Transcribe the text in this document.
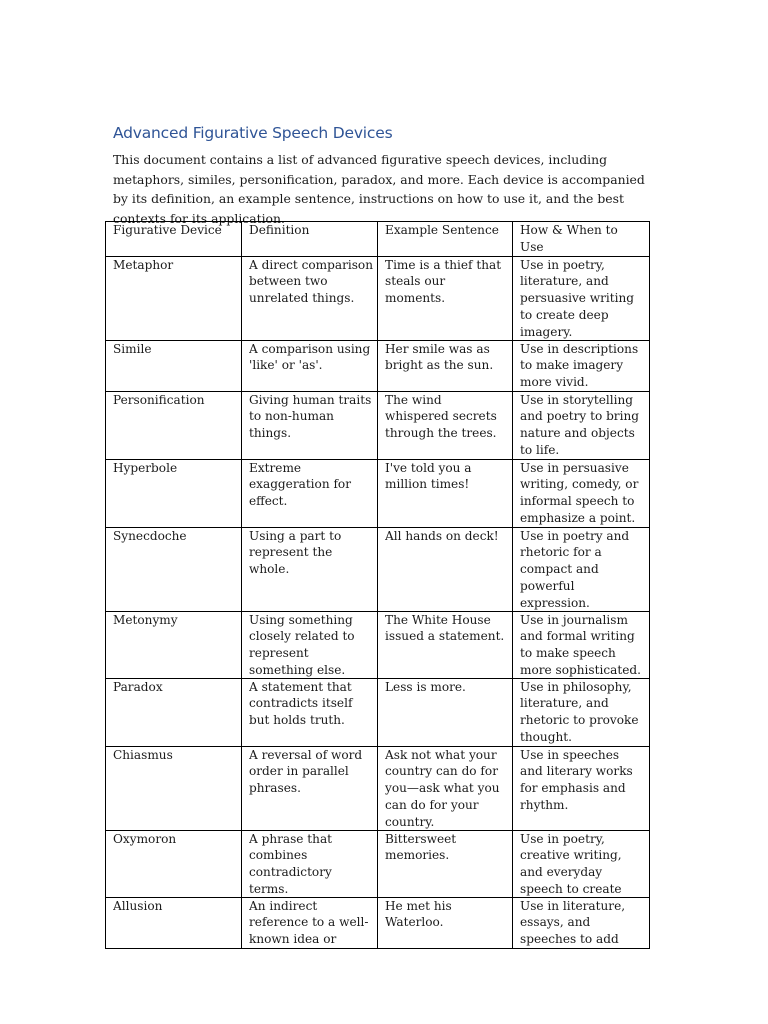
Advanced Figurative Speech Devices

This document contains a list of advanced figurative speech devices, including metaphors, similes, personification, paradox, and more. Each device is accompanied by its definition, an example sentence, instructions on how to use it, and the best contexts for its application.

Figurative Device	Definition	Example Sentence	How & When to Use

Metaphor	A direct comparison between two unrelated things.	Time is a thief that steals our moments.	Use in poetry, literature, and persuasive writing to create deep imagery.

Simile	A comparison using 'like' or 'as'.	Her smile was as bright as the sun.	Use in descriptions to make imagery more vivid.

Personification	Giving human traits to non-human things.	The wind whispered secrets through the trees.	Use in storytelling and poetry to bring nature and objects to life.

Hyperbole	Extreme exaggeration for effect.	I've told you a million times!	Use in persuasive writing, comedy, or informal speech to emphasize a point.

Synecdoche	Using a part to represent the whole.	All hands on deck!	Use in poetry and rhetoric for a compact and powerful expression.

Metonymy	Using something closely related to represent something else.	The White House issued a statement.	Use in journalism and formal writing to make speech more sophisticated.

Paradox	A statement that contradicts itself but holds truth.	Less is more.	Use in philosophy, literature, and rhetoric to provoke thought.

Chiasmus	A reversal of word order in parallel phrases.	Ask not what your country can do for you—ask what you can do for your country.	Use in speeches and literary works for emphasis and rhythm.

Oxymoron	A phrase that combines contradictory terms.	Bittersweet memories.	Use in poetry, creative writing, and everyday speech to create

Allusion	An indirect reference to a well-known idea or	He met his Waterloo.	Use in literature, essays, and speeches to add
